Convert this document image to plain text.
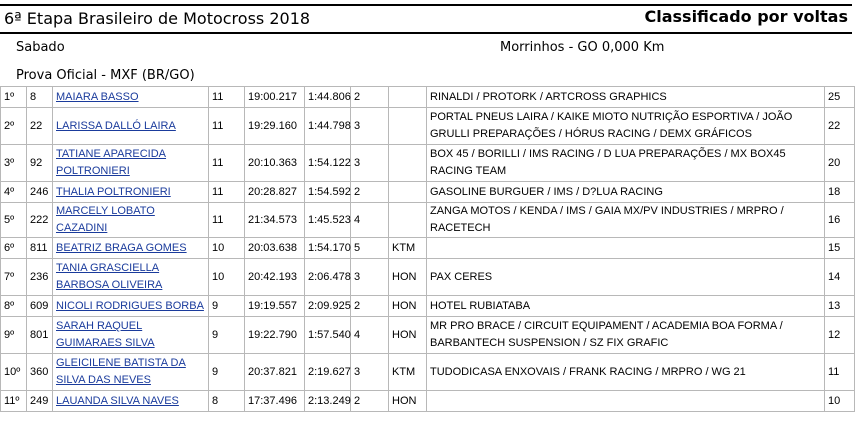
6ª Etapa Brasileiro de Motocross 2018	Classificado por voltas
Sabado	Morrinhos - GO 0,000 Km
Prova Oficial - MXF (BR/GO)
1º	8	MAIARA BASSO	11	19:00.217	1:44.806	2		RINALDI / PROTORK / ARTCROSS GRAPHICS	25
2º	22	LARISSA DALLÓ LAIRA	11	19:29.160	1:44.798	3		PORTAL PNEUS LAIRA / KAIKE MIOTO NUTRIÇÃO ESPORTIVA / JOÃO GRULLI PREPARAÇÕES / HÓRUS RACING / DEMX GRÁFICOS	22
3º	92	TATIANE APARECIDA POLTRONIERI	11	20:10.363	1:54.122	3		BOX 45 / BORILLI / IMS RACING / D LUA PREPARAÇÕES / MX BOX45 RACING TEAM	20
4º	246	THALIA POLTRONIERI	11	20:28.827	1:54.592	2		GASOLINE BURGUER / IMS / D?LUA RACING	18
5º	222	MARCELY LOBATO CAZADINI	11	21:34.573	1:45.523	4		ZANGA MOTOS / KENDA / IMS / GAIA MX/PV INDUSTRIES / MRPRO / RACETECH	16
6º	811	BEATRIZ BRAGA GOMES	10	20:03.638	1:54.170	5	KTM		15
7º	236	TANIA GRASCIELLA BARBOSA OLIVEIRA	10	20:42.193	2:06.478	3	HON	PAX CERES	14
8º	609	NICOLI RODRIGUES BORBA	9	19:19.557	2:09.925	2	HON	HOTEL RUBIATABA	13
9º	801	SARAH RAQUEL GUIMARAES SILVA	9	19:22.790	1:57.540	4	HON	MR PRO BRACE / CIRCUIT EQUIPAMENT / ACADEMIA BOA FORMA / BARBANTECH SUSPENSION / SZ FIX GRAFIC	12
10º	360	GLEICILENE BATISTA DA SILVA DAS NEVES	9	20:37.821	2:19.627	3	KTM	TUDODICASA ENXOVAIS / FRANK RACING / MRPRO / WG 21	11
11º	249	LAUANDA SILVA NAVES	8	17:37.496	2:13.249	2	HON		10
